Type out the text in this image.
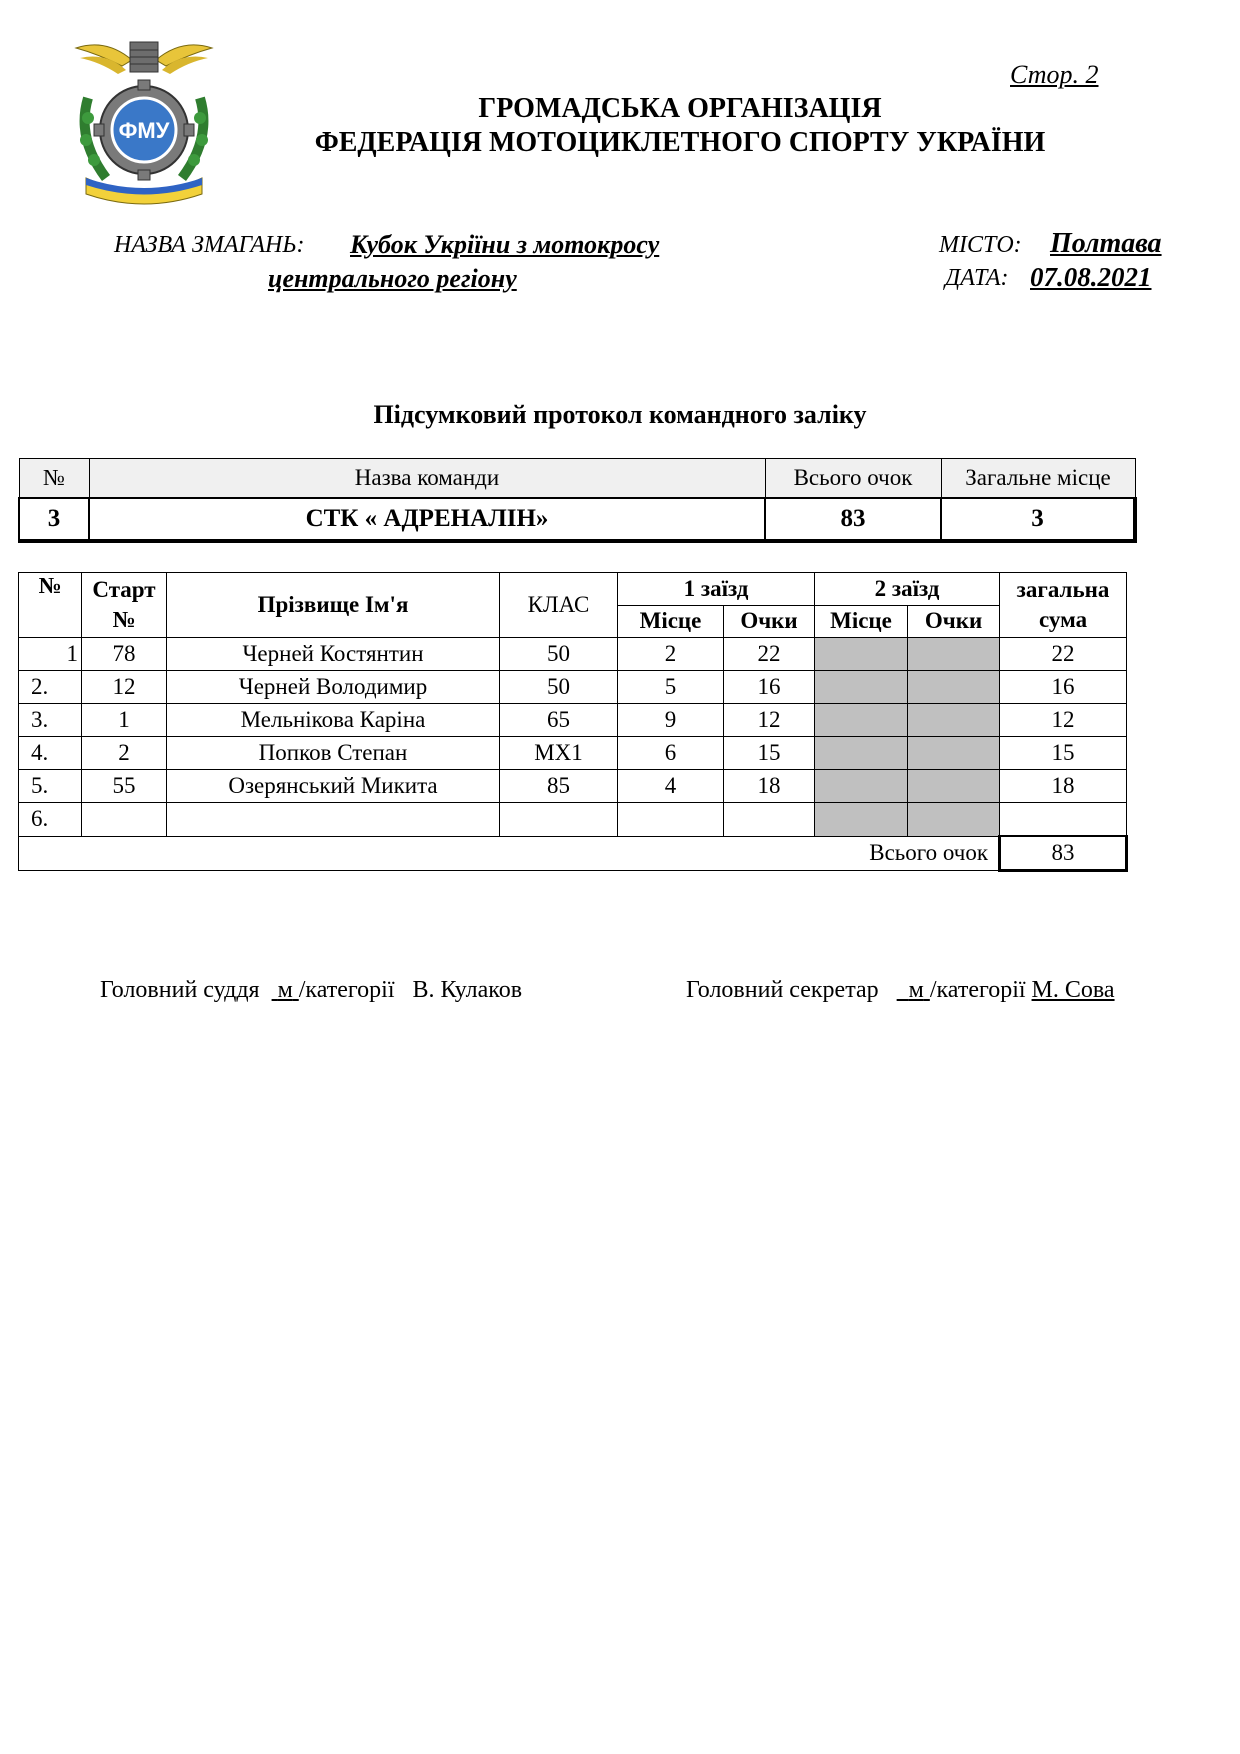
ФМУ
Стор. 2
ГРОМАДСЬКА ОРГАНІЗАЦІЯ
ФЕДЕРАЦІЯ МОТОЦИКЛЕТНОГО СПОРТУ УКРАЇНИ
НАЗВА ЗМАГАНЬ: Кубок Укріїни з мотокросу
центрального регіону
МІСТО: Полтава
ДАТА: 07.08.2021
Підсумковий протокол командного заліку
№	Назва команди	Всього очок	Загальне місце
3	СТК « АДРЕНАЛІН»	83	3
№	Старт №	Прізвище Ім'я	КЛАС	1 заїзд		2 заїзд		загальна сума
				Місце	Очки	Місце	Очки	
1	78	Черней Костянтин	50	2	22			22
2.	12	Черней Володимир	50	5	16			16
3.	1	Мельнікова Каріна	65	9	12			12
4.	2	Попков Степан	MX1	6	15			15
5.	55	Озерянський Микита	85	4	18			18
6.								
Всього очок								83
Головний суддя м /категорії В. Кулаков	Головний секретар м /категорії М. Сова
